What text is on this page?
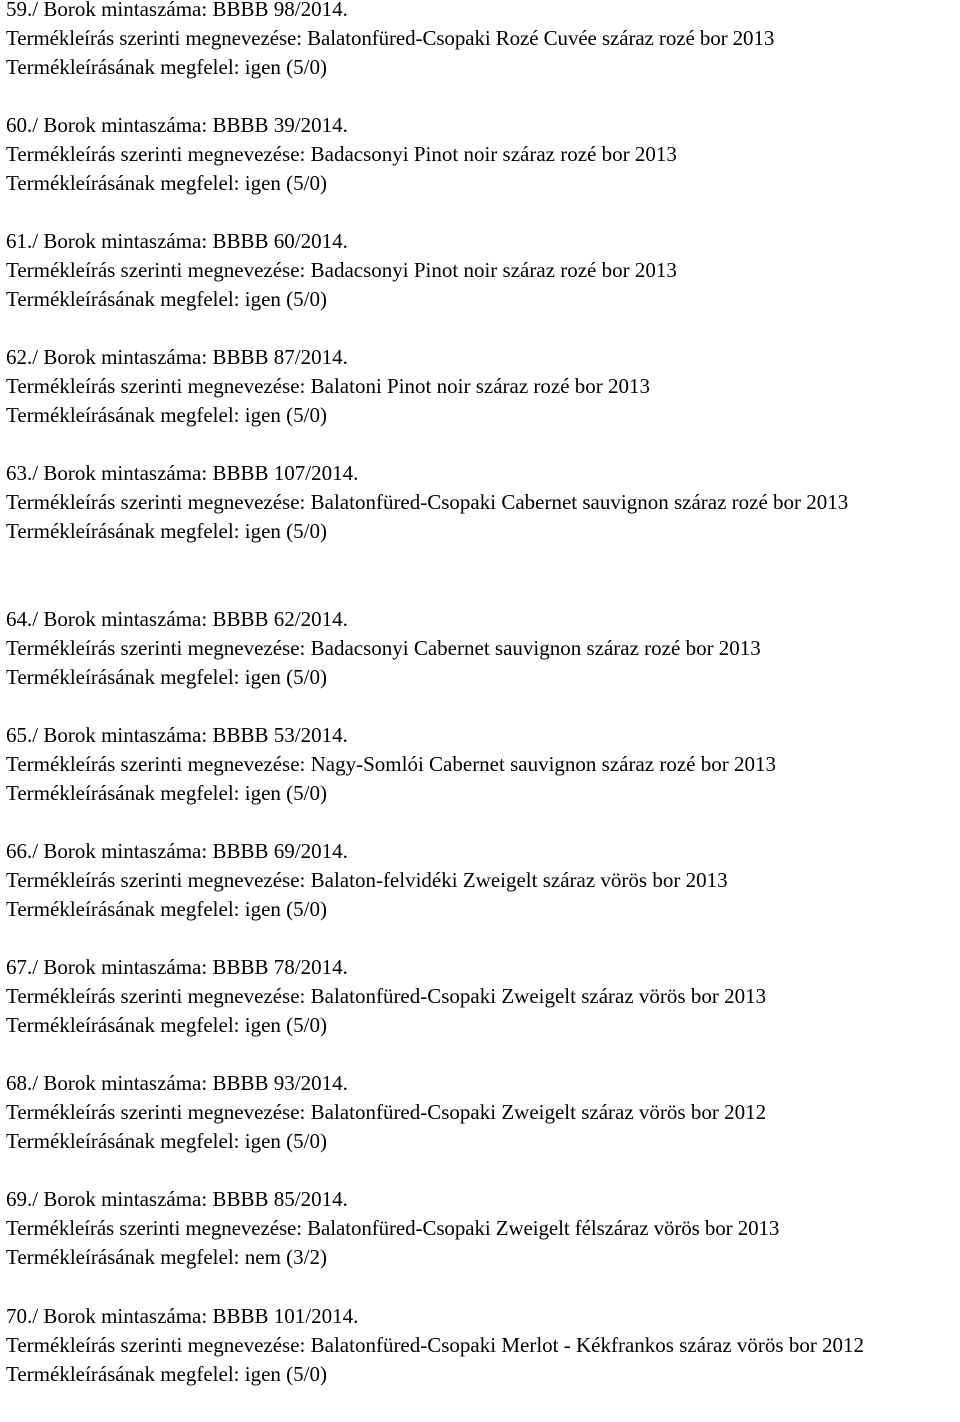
59./ Borok mintaszáma: BBBB 98/2014.
Termékleírás szerinti megnevezése: Balatonfüred-Csopaki Rozé Cuvée száraz rozé bor 2013
Termékleírásának megfelel: igen (5/0)
60./ Borok mintaszáma: BBBB 39/2014.
Termékleírás szerinti megnevezése: Badacsonyi Pinot noir száraz rozé bor 2013
Termékleírásának megfelel: igen (5/0)
61./ Borok mintaszáma: BBBB 60/2014.
Termékleírás szerinti megnevezése: Badacsonyi Pinot noir száraz rozé bor 2013
Termékleírásának megfelel: igen (5/0)
62./ Borok mintaszáma: BBBB 87/2014.
Termékleírás szerinti megnevezése: Balatoni Pinot noir száraz rozé bor 2013
Termékleírásának megfelel: igen (5/0)
63./ Borok mintaszáma: BBBB 107/2014.
Termékleírás szerinti megnevezése: Balatonfüred-Csopaki Cabernet sauvignon száraz rozé bor 2013
Termékleírásának megfelel: igen (5/0)
64./ Borok mintaszáma: BBBB 62/2014.
Termékleírás szerinti megnevezése: Badacsonyi Cabernet sauvignon száraz rozé bor 2013
Termékleírásának megfelel: igen (5/0)
65./ Borok mintaszáma: BBBB 53/2014.
Termékleírás szerinti megnevezése: Nagy-Somlói Cabernet sauvignon száraz rozé bor 2013
Termékleírásának megfelel: igen (5/0)
66./ Borok mintaszáma: BBBB 69/2014.
Termékleírás szerinti megnevezése: Balaton-felvidéki Zweigelt száraz vörös bor 2013
Termékleírásának megfelel: igen (5/0)
67./ Borok mintaszáma: BBBB 78/2014.
Termékleírás szerinti megnevezése: Balatonfüred-Csopaki Zweigelt száraz vörös bor 2013
Termékleírásának megfelel: igen (5/0)
68./ Borok mintaszáma: BBBB 93/2014.
Termékleírás szerinti megnevezése: Balatonfüred-Csopaki Zweigelt száraz vörös bor 2012
Termékleírásának megfelel: igen (5/0)
69./ Borok mintaszáma: BBBB 85/2014.
Termékleírás szerinti megnevezése: Balatonfüred-Csopaki Zweigelt félszáraz vörös bor 2013
Termékleírásának megfelel: nem (3/2)
70./ Borok mintaszáma: BBBB 101/2014.
Termékleírás szerinti megnevezése: Balatonfüred-Csopaki Merlot - Kékfrankos száraz vörös bor 2012
Termékleírásának megfelel: igen (5/0)
